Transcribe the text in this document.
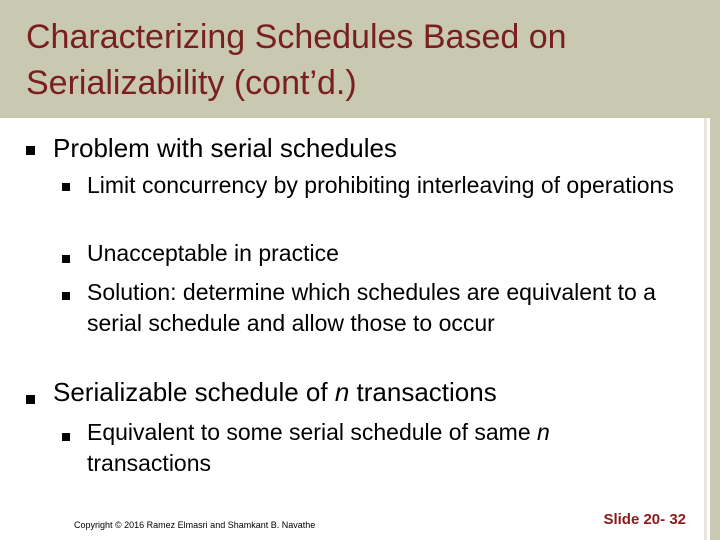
Characterizing Schedules Based on
Serializability (cont’d.)
Problem with serial schedules
Limit concurrency by prohibiting interleaving of operations
Unacceptable in practice
Solution: determine which schedules are equivalent to a serial schedule and allow those to occur
Serializable schedule of n transactions
Equivalent to some serial schedule of same n transactions
Copyright © 2016 Ramez Elmasri and Shamkant B. Navathe	Slide 20- 32
